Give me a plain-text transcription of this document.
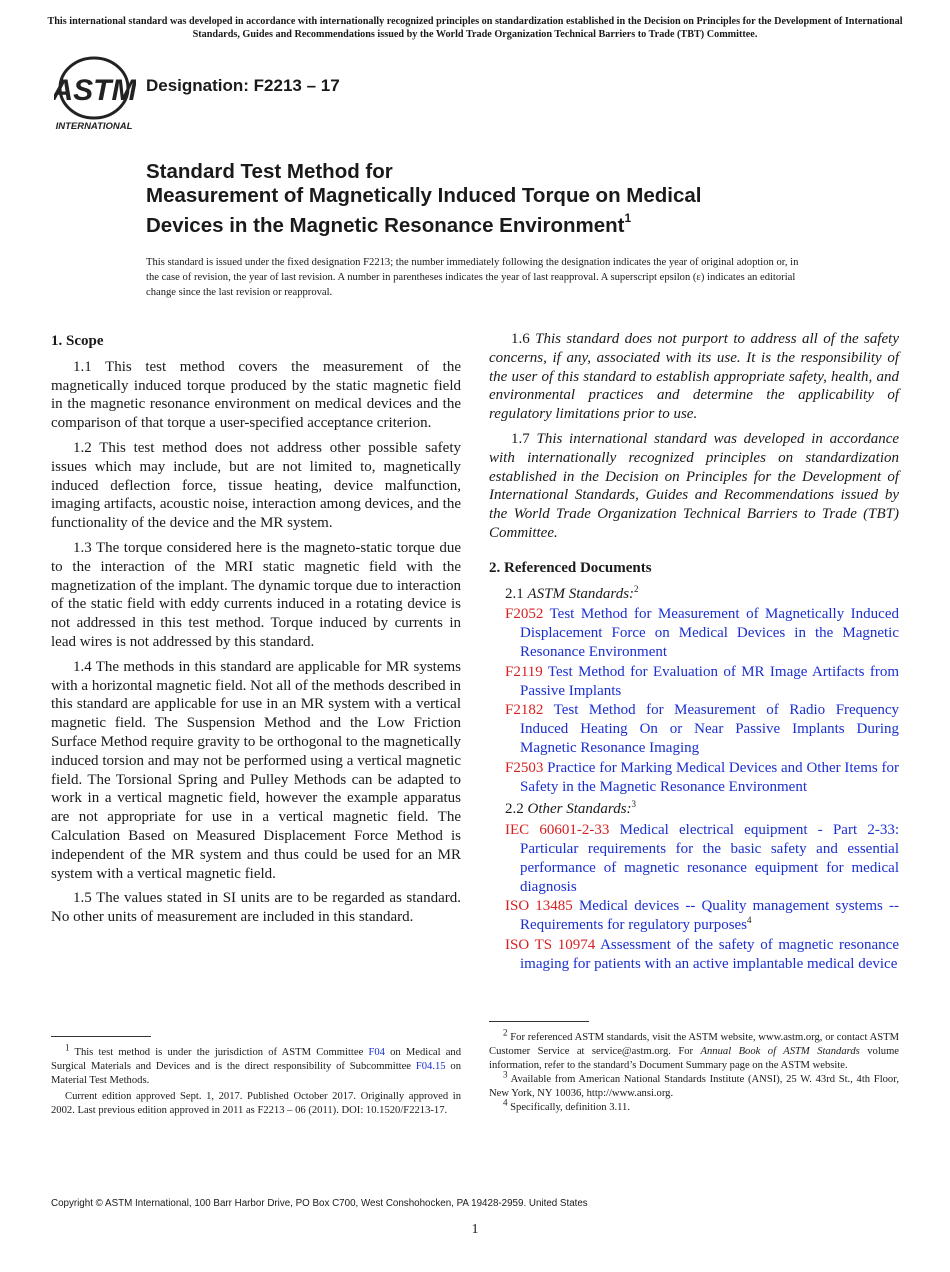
This international standard was developed in accordance with internationally recognized principles on standardization established in the Decision on Principles for the Development of International Standards, Guides and Recommendations issued by the World Trade Organization Technical Barriers to Trade (TBT) Committee.
ASTM
INTERNATIONAL
Designation: F2213 – 17
Standard Test Method for
Measurement of Magnetically Induced Torque on Medical
Devices in the Magnetic Resonance Environment$^1$
This standard is issued under the fixed designation F2213; the number immediately following the designation indicates the year of original adoption or, in the case of revision, the year of last revision. A number in parentheses indicates the year of last reapproval. A superscript epsilon (ε) indicates an editorial change since the last revision or reapproval.
1. Scope

1.1 This test method covers the measurement of the magnetically induced torque produced by the static magnetic field in the magnetic resonance environment on medical devices and the comparison of that torque a user-specified acceptance criterion.

1.2 This test method does not address other possible safety issues which may include, but are not limited to, magnetically induced deflection force, tissue heating, device malfunction, imaging artifacts, acoustic noise, interaction among devices, and the functionality of the device and the MR system.

1.3 The torque considered here is the magneto-static torque due to the interaction of the MRI static magnetic field with the magnetization of the implant. The dynamic torque due to interaction of the static field with eddy currents induced in a rotating device is not addressed in this test method. Torque induced by currents in lead wires is not addressed by this standard.

1.4 The methods in this standard are applicable for MR systems with a horizontal magnetic field. Not all of the methods described in this standard are applicable for use in an MR system with a vertical magnetic field. The Suspension Method and the Low Friction Surface Method require gravity to be orthogonal to the magnetically induced torsion and may not be performed using a vertical magnetic field. The Torsional Spring and Pulley Methods can be adapted to work in a vertical magnetic field, however the example apparatus are not appropriate for use in a vertical magnetic field. The Calculation Based on Measured Displacement Force Method is independent of the MR system and thus could be used for an MR system with a vertical magnetic field.

1.5 The values stated in SI units are to be regarded as standard. No other units of measurement are included in this standard.

1.6 This standard does not purport to address all of the safety concerns, if any, associated with its use. It is the responsibility of the user of this standard to establish appropriate safety, health, and environmental practices and determine the applicability of regulatory limitations prior to use.

1.7 This international standard was developed in accordance with internationally recognized principles on standardization established in the Decision on Principles for the Development of International Standards, Guides and Recommendations issued by the World Trade Organization Technical Barriers to Trade (TBT) Committee.

2. Referenced Documents
2.1 ASTM Standards:$^2$
F2052 Test Method for Measurement of Magnetically Induced Displacement Force on Medical Devices in the Magnetic Resonance Environment
F2119 Test Method for Evaluation of MR Image Artifacts from Passive Implants
F2182 Test Method for Measurement of Radio Frequency Induced Heating On or Near Passive Implants During Magnetic Resonance Imaging
F2503 Practice for Marking Medical Devices and Other Items for Safety in the Magnetic Resonance Environment
2.2 Other Standards:$^3$
IEC 60601-2-33 Medical electrical equipment - Part 2-33: Particular requirements for the basic safety and essential performance of magnetic resonance equipment for medical diagnosis
ISO 13485 Medical devices -- Quality management systems -- Requirements for regulatory purposes$^4$
ISO TS 10974 Assessment of the safety of magnetic resonance imaging for patients with an active implantable medical device

$^1$ This test method is under the jurisdiction of ASTM Committee F04 on Medical and Surgical Materials and Devices and is the direct responsibility of Subcommittee F04.15 on Material Test Methods.

Current edition approved Sept. 1, 2017. Published October 2017. Originally approved in 2002. Last previous edition approved in 2011 as F2213 – 06 (2011). DOI: 10.1520/F2213-17.

$^2$ For referenced ASTM standards, visit the ASTM website, www.astm.org, or contact ASTM Customer Service at service@astm.org. For Annual Book of ASTM Standards volume information, refer to the standard’s Document Summary page on the ASTM website.

$^3$ Available from American National Standards Institute (ANSI), 25 W. 43rd St., 4th Floor, New York, NY 10036, http://www.ansi.org.

$^4$ Specifically, definition 3.11.

Copyright © ASTM International, 100 Barr Harbor Drive, PO Box C700, West Conshohocken, PA 19428-2959. United States
1
